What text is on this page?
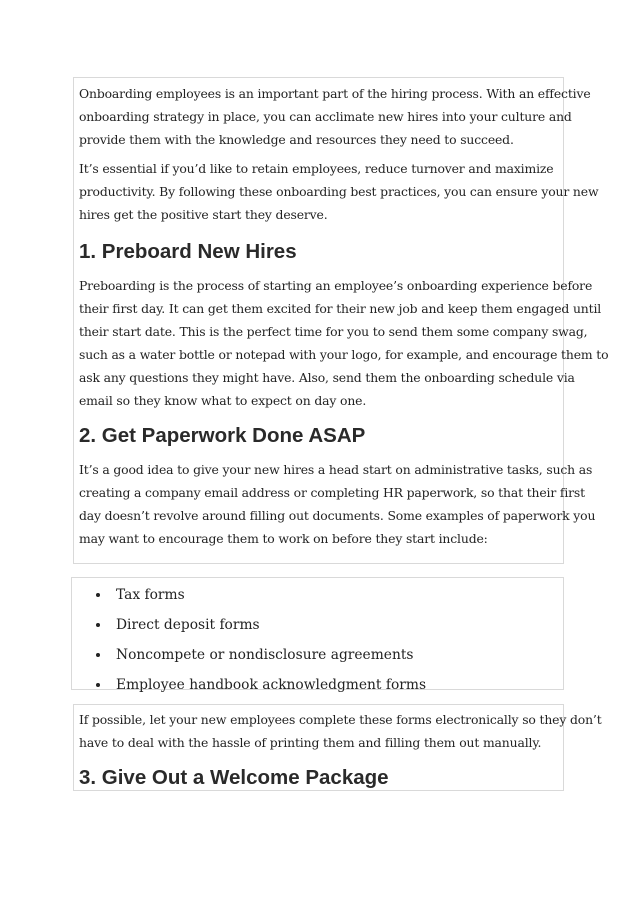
Onboarding employees is an important part of the hiring process. With an effective
onboarding strategy in place, you can acclimate new hires into your culture and
provide them with the knowledge and resources they need to succeed.

It’s essential if you’d like to retain employees, reduce turnover and maximize
productivity. By following these onboarding best practices, you can ensure your new
hires get the positive start they deserve.

1. Preboard New Hires

Preboarding is the process of starting an employee’s onboarding experience before
their first day. It can get them excited for their new job and keep them engaged until
their start date. This is the perfect time for you to send them some company swag,
such as a water bottle or notepad with your logo, for example, and encourage them to
ask any questions they might have. Also, send them the onboarding schedule via
email so they know what to expect on day one.

2. Get Paperwork Done ASAP

It’s a good idea to give your new hires a head start on administrative tasks, such as
creating a company email address or completing HR paperwork, so that their first
day doesn’t revolve around filling out documents. Some examples of paperwork you
may want to encourage them to work on before they start include:

Tax forms
Direct deposit forms
Noncompete or nondisclosure agreements
Employee handbook acknowledgment forms

If possible, let your new employees complete these forms electronically so they don’t
have to deal with the hassle of printing them and filling them out manually.

3. Give Out a Welcome Package
